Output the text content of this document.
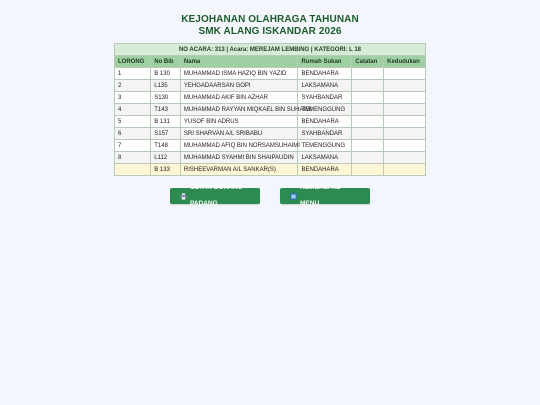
KEJOHANAN OLAHRAGA TAHUNAN
SMK ALANG ISKANDAR 2026
NO ACARA: 313 | Acara: MEREJAM LEMBING | KATEGORI: L 18					
LORONG	No Bib	Nama	Rumah Sukan	Catatan	Kedudukan
1	B 130	MUHAMMAD ISMA HAZIQ BIN YAZID	BENDAHARA		
2	L135	YEHGADAARSAN GOPI	LAKSAMANA		
3	S130	MUHAMMAD AKIF BIN AZHAR	SYAHBANDAR		
4	T143	MUHAMMAD RAYYAN MIQKAEL BIN SUHAIMI	TEMENGGUNG		
5	B 131	YUSOF BIN ADRUS	BENDAHARA		
6	S157	SRI SHARVAN A/L SRIBABU	SYAHBANDAR		
7	T148	MUHAMMAD AFIQ BIN NORSAMSUHAIMI	TEMENGGUNG		
8	L112	MUHAMMAD SYAHMI BIN SHAIPAUDIN	LAKSAMANA		
	B 133	RISHEEVARMAN A/L SANKAR(S)	BENDAHARA		
CETAK BORANG PADANG
KEMBALI KE MENU
